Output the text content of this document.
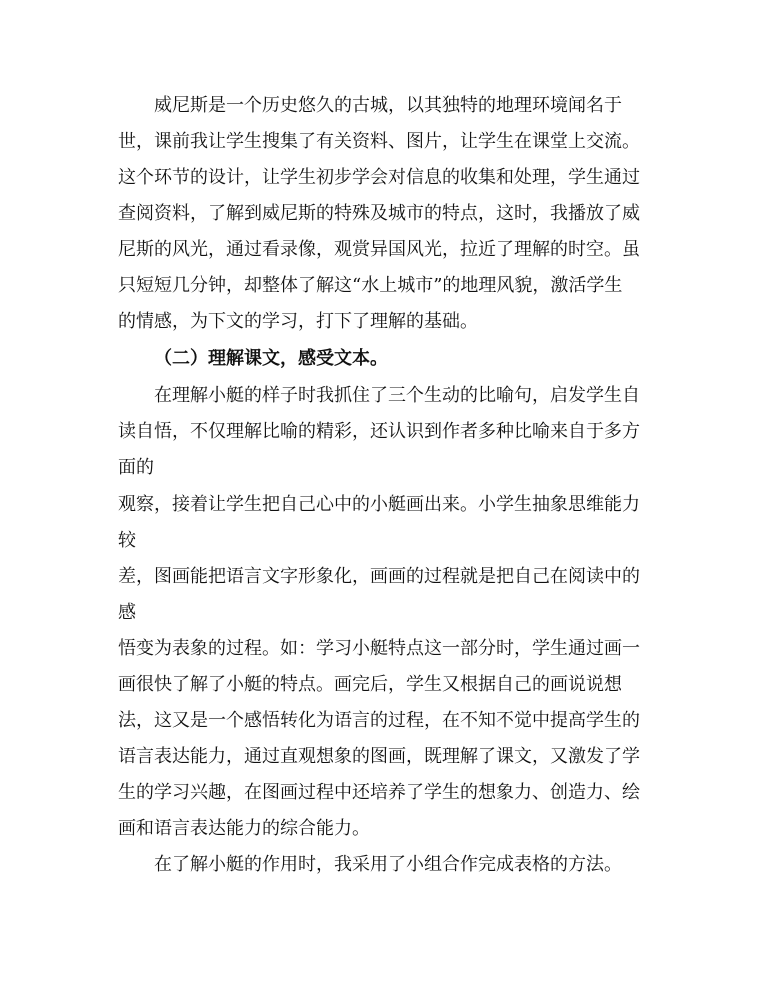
威尼斯是一个历史悠久的古城，以其独特的地理环境闻名于
世，课前我让学生搜集了有关资料、图片，让学生在课堂上交流。
这个环节的设计，让学生初步学会对信息的收集和处理，学生通过
查阅资料，了解到威尼斯的特殊及城市的特点，这时，我播放了威
尼斯的风光，通过看录像，观赏异国风光，拉近了理解的时空。虽
只短短几分钟，却整体了解这“水上城市”的地理风貌，激活学生
的情感，为下文的学习，打下了理解的基础。
（二）理解课文，感受文本。
在理解小艇的样子时我抓住了三个生动的比喻句，启发学生自
读自悟，不仅理解比喻的精彩，还认识到作者多种比喻来自于多方
面的
观察，接着让学生把自己心中的小艇画出来。小学生抽象思维能力
较
差，图画能把语言文字形象化，画画的过程就是把自己在阅读中的
感
悟变为表象的过程。如：学习小艇特点这一部分时，学生通过画一
画很快了解了小艇的特点。画完后，学生又根据自己的画说说想
法，这又是一个感悟转化为语言的过程，在不知不觉中提高学生的
语言表达能力，通过直观想象的图画，既理解了课文，又激发了学
生的学习兴趣，在图画过程中还培养了学生的想象力、创造力、绘
画和语言表达能力的综合能力。
在了解小艇的作用时，我采用了小组合作完成表格的方法。
